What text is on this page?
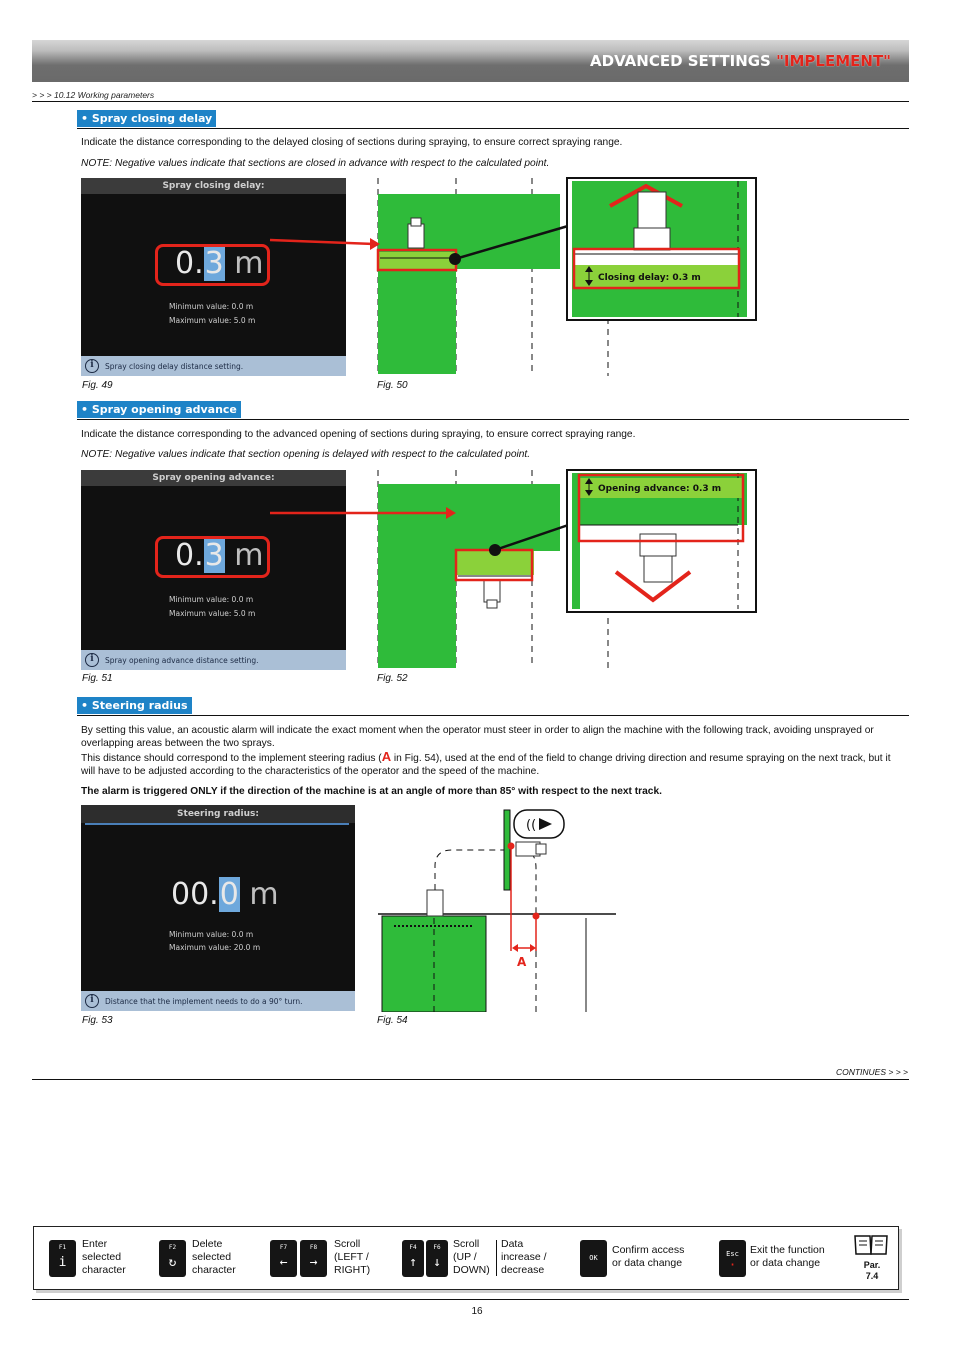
ADVANCED SETTINGS "IMPLEMENT"
> > > 10.12 Working parameters
• Spray closing delay
Indicate the distance corresponding to the delayed closing of sections during spraying, to ensure correct spraying range.
NOTE: Negative values indicate that sections are closed in advance with respect to the calculated point.
Spray closing delay:
0.3 m
Minimum value: 0.0 m
Maximum value: 5.0 m
i	Spray closing delay distance setting.
Closing delay: 0.3 m
Fig. 49	Fig. 50
• Spray opening advance
Indicate the distance corresponding to the advanced opening of sections during spraying, to ensure correct spraying range.
NOTE: Negative values indicate that section opening is delayed with respect to the calculated point.
Spray opening advance:
0.3 m
Minimum value: 0.0 m
Maximum value: 5.0 m
i	Spray opening advance distance setting.
Opening advance: 0.3 m
Fig. 51	Fig. 52
• Steering radius
By setting this value, an acoustic alarm will indicate the exact moment when the operator must steer in order to align the machine with the following track, avoiding unsprayed or overlapping areas between the two sprays.
This distance should correspond to the implement steering radius (A in Fig. 54), used at the end of the field to change driving direction and resume spraying on the next track, but it will have to be adjusted according to the characteristics of the operator and the speed of the machine.
The alarm is triggered ONLY if the direction of the machine is at an angle of more than 85° with respect to the next track.
Steering radius:
00.0 m
Minimum value: 0.0 m
Maximum value: 20.0 m
i	Distance that the implement needs to do a 90° turn.
((
A
Fig. 53	Fig. 54
CONTINUES > > >
F1
i
Enter
selected
character
F2
↻
Delete
selected
character
F7
←
F8
→
Scroll
(LEFT /
RIGHT)
F4
↑
F6
↓
Scroll
(UP /
DOWN)
Data
increase /
decrease
OK
Confirm access
or data change
Esc
·
Exit the function
or data change	Par.
7.4
16
